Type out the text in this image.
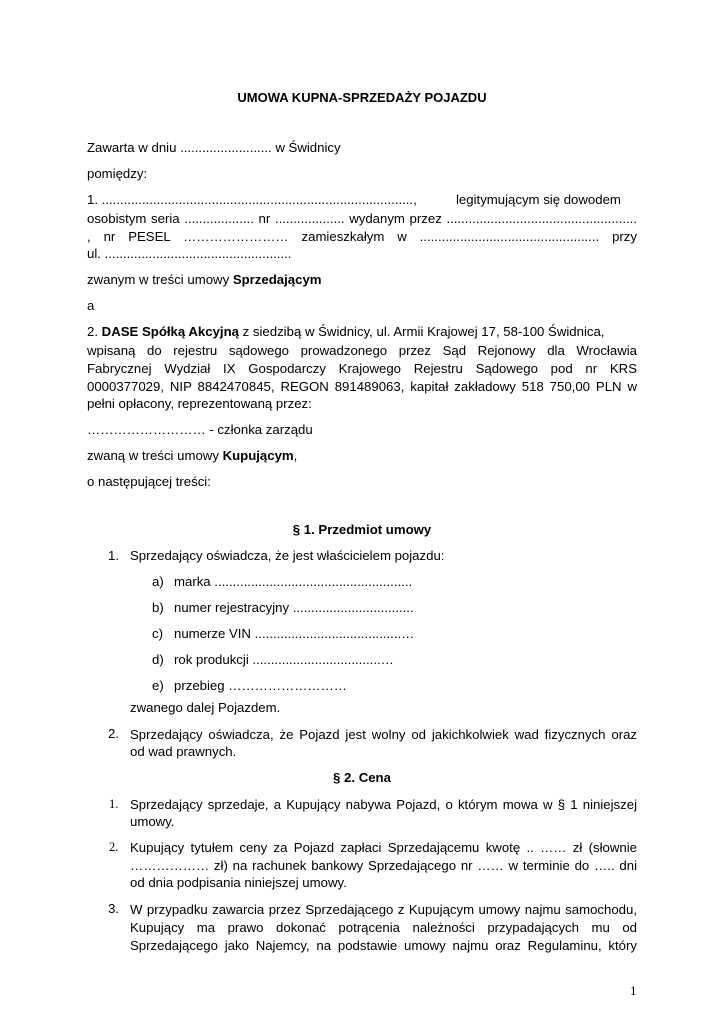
UMOWA KUPNA-SPRZEDAŻY POJAZDU
Zawarta w dniu ......................... w Świdnicy
pomiędzy:
1. .....................................................................................,	legitymującym się dowodem
osobistym seria ................... nr ................... wydanym przez ....................................................
, nr PESEL …………………… zamieszkałym w ................................................. przy
ul. ...................................................
zwanym w treści umowy Sprzedającym
a
2. DASE Spółką Akcyjną z siedzibą w Świdnicy, ul. Armii Krajowej 17, 58-100 Świdnica,
wpisaną do rejestru sądowego prowadzonego przez Sąd Rejonowy dla Wrocławia
Fabrycznej Wydział IX Gospodarczy Krajowego Rejestru Sądowego pod nr KRS
0000377029, NIP 8842470845, REGON 891489063, kapitał zakładowy 518 750,00 PLN w
pełni opłacony, reprezentowaną przez:
……………………… - członka zarządu
zwaną w treści umowy Kupującym,
o następującej treści:
§ 1. Przedmiot umowy
1. Sprzedający oświadcza, że jest właścicielem pojazdu:
a) marka ......................................................
b) numer rejestracyjny .................................
c) numerze VIN ........................................…
d) rok produkcji ...................................…
e) przebieg ………………………
zwanego dalej Pojazdem.
2. Sprzedający oświadcza, że Pojazd jest wolny od jakichkolwiek wad fizycznych oraz
od wad prawnych.
§ 2. Cena
1. Sprzedający sprzedaje, a Kupujący nabywa Pojazd, o którym mowa w § 1 niniejszej
umowy.
2. Kupujący tytułem ceny za Pojazd zapłaci Sprzedającemu kwotę .. …… zł (słownie
……………… zł) na rachunek bankowy Sprzedającego nr …… w terminie do ….. dni
od dnia podpisania niniejszej umowy.
3. W przypadku zawarcia przez Sprzedającego z Kupującym umowy najmu samochodu,
Kupujący ma prawo dokonać potrącenia należności przypadających mu od
Sprzedającego jako Najemcy, na podstawie umowy najmu oraz Regulaminu, który
1
